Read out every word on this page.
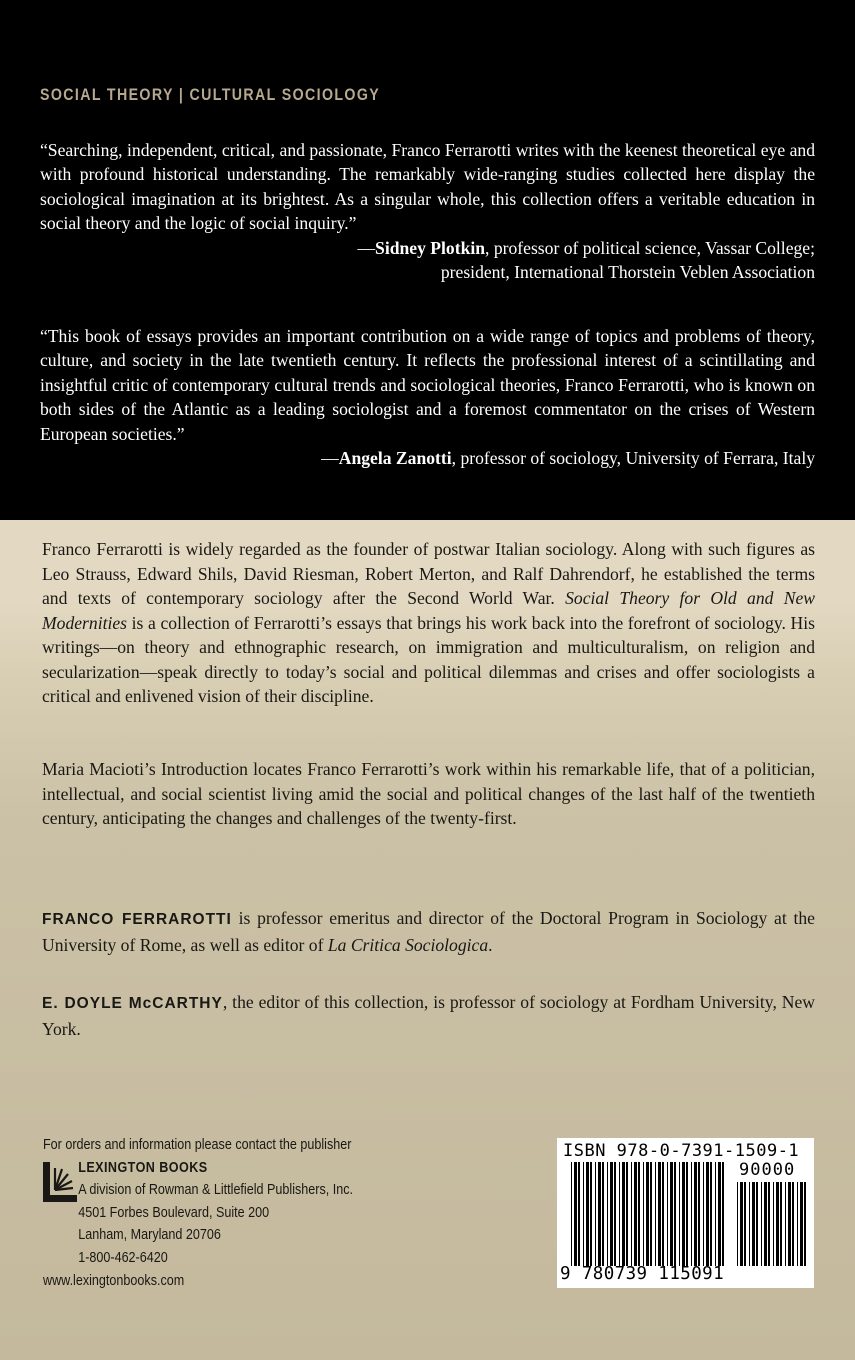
SOCIAL THEORY | CULTURAL SOCIOLOGY
“Searching, independent, critical, and passionate, Franco Ferrarotti writes with the keenest theoretical eye and with profound historical understanding. The remarkably wide-ranging studies collected here display the sociological imagination at its brightest. As a singular whole, this collection offers a veritable education in social theory and the logic of social inquiry.”
—Sidney Plotkin, professor of political science, Vassar College;
president, International Thorstein Veblen Association
“This book of essays provides an important contribution on a wide range of topics and problems of theory, culture, and society in the late twentieth century. It reflects the professional interest of a scintillating and insightful critic of contemporary cultural trends and sociological theories, Franco Ferrarotti, who is known on both sides of the Atlantic as a leading sociologist and a foremost commentator on the crises of Western European societies.”
—Angela Zanotti, professor of sociology, University of Ferrara, Italy
Franco Ferrarotti is widely regarded as the founder of postwar Italian sociology. Along with such figures as Leo Strauss, Edward Shils, David Riesman, Robert Merton, and Ralf Dahrendorf, he established the terms and texts of contemporary sociology after the Second World War. Social Theory for Old and New Modernities is a collection of Ferrarotti’s essays that brings his work back into the forefront of sociology. His writings—on theory and ethnographic research, on immigration and multiculturalism, on religion and secularization—speak directly to today’s social and political dilemmas and crises and offer sociologists a critical and enlivened vision of their discipline.
Maria Macioti’s Introduction locates Franco Ferrarotti’s work within his remarkable life, that of a politician, intellectual, and social scientist living amid the social and political changes of the last half of the twentieth century, anticipating the changes and challenges of the twenty-first.
FRANCO FERRAROTTI is professor emeritus and director of the Doctoral Program in Sociology at the University of Rome, as well as editor of La Critica Sociologica.
E. DOYLE McCARTHY, the editor of this collection, is professor of sociology at Fordham University, New York.
For orders and information please contact the publisher
LEXINGTON BOOKS
A division of Rowman & Littlefield Publishers, Inc.
4501 Forbes Boulevard, Suite 200
Lanham, Maryland 20706
1-800-462-6420
www.lexingtonbooks.com
ISBN 978-0-7391-1509-1
90000
9 780739 115091
